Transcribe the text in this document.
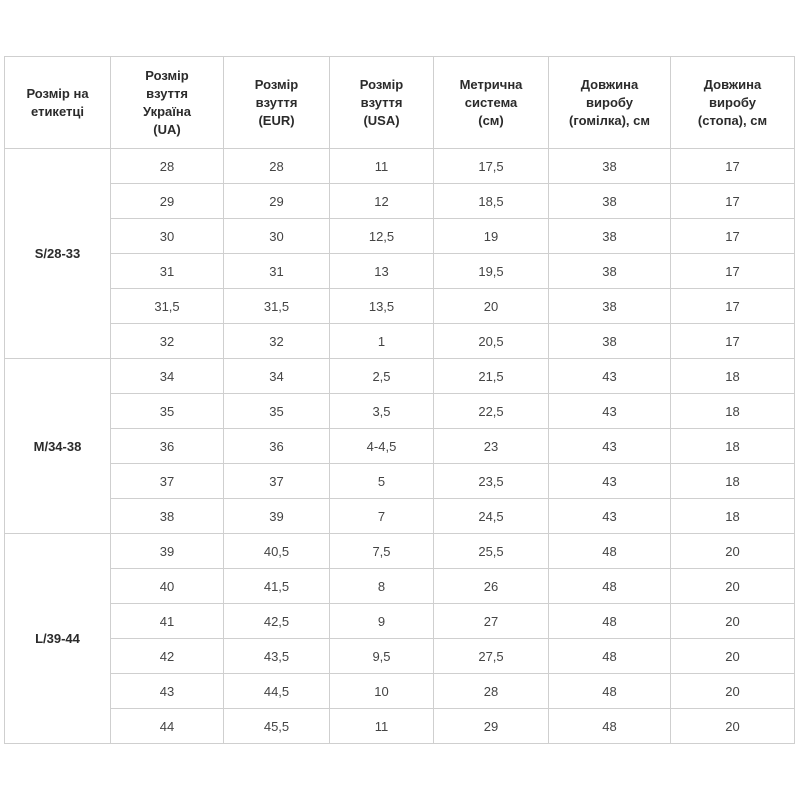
Розмір на
етикетці	Розмір
взуття
Україна
(UA)	Розмір
взуття
(EUR)	Розмір
взуття
(USA)	Метрична
система
(см)	Довжина
виробу
(гомілка), см	Довжина
виробу
(стопа), см

S/28-33	28	28	11	17,5	38	17
	29	29	12	18,5	38	17
	30	30	12,5	19	38	17
	31	31	13	19,5	38	17
	31,5	31,5	13,5	20	38	17
	32	32	1	20,5	38	17
M/34-38	34	34	2,5	21,5	43	18
	35	35	3,5	22,5	43	18
	36	36	4-4,5	23	43	18
	37	37	5	23,5	43	18
	38	39	7	24,5	43	18
L/39-44	39	40,5	7,5	25,5	48	20
	40	41,5	8	26	48	20
	41	42,5	9	27	48	20
	42	43,5	9,5	27,5	48	20
	43	44,5	10	28	48	20
	44	45,5	11	29	48	20
